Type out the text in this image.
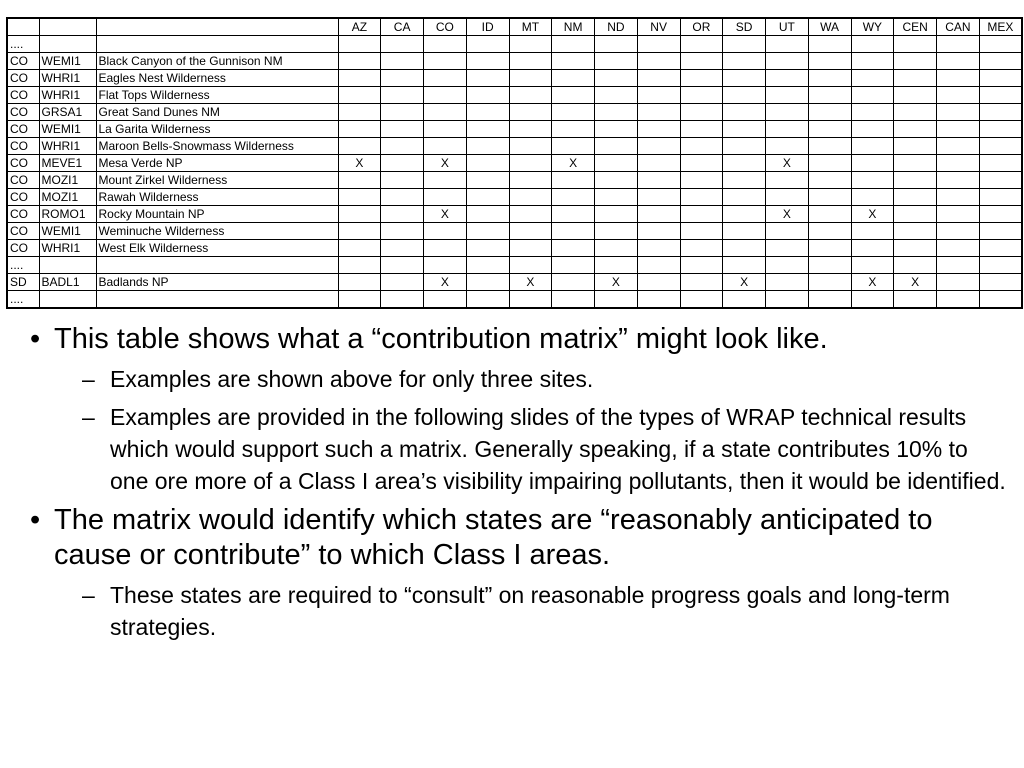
			AZ	CA	CO	ID	MT	NM	ND	NV	OR	SD	UT	WA	WY	CEN	CAN	MEX
....																		
CO	WEMI1	Black Canyon of the Gunnison NM																
CO	WHRI1	Eagles Nest Wilderness																
CO	WHRI1	Flat Tops Wilderness																
CO	GRSA1	Great Sand Dunes NM																
CO	WEMI1	La Garita Wilderness																
CO	WHRI1	Maroon Bells-Snowmass Wilderness																
CO	MEVE1	Mesa Verde NP	X		X			X					X					
CO	MOZI1	Mount Zirkel Wilderness																
CO	MOZI1	Rawah Wilderness																
CO	ROMO1	Rocky Mountain NP			X								X		X			
CO	WEMI1	Weminuche Wilderness																
CO	WHRI1	West Elk Wilderness																
....																		
SD	BADL1	Badlands NP			X		X		X			X			X	X		
....																		
• This table shows what a “contribution matrix” might look like.
– Examples are shown above for only three sites.
– Examples are provided in the following slides of the types of WRAP technical results which would support such a matrix. Generally speaking, if a state contributes 10% to one ore more of a Class I area’s visibility impairing pollutants, then it would be identified.
• The matrix would identify which states are “reasonably anticipated to cause or contribute” to which Class I areas.
– These states are required to “consult” on reasonable progress goals and long-term strategies.
